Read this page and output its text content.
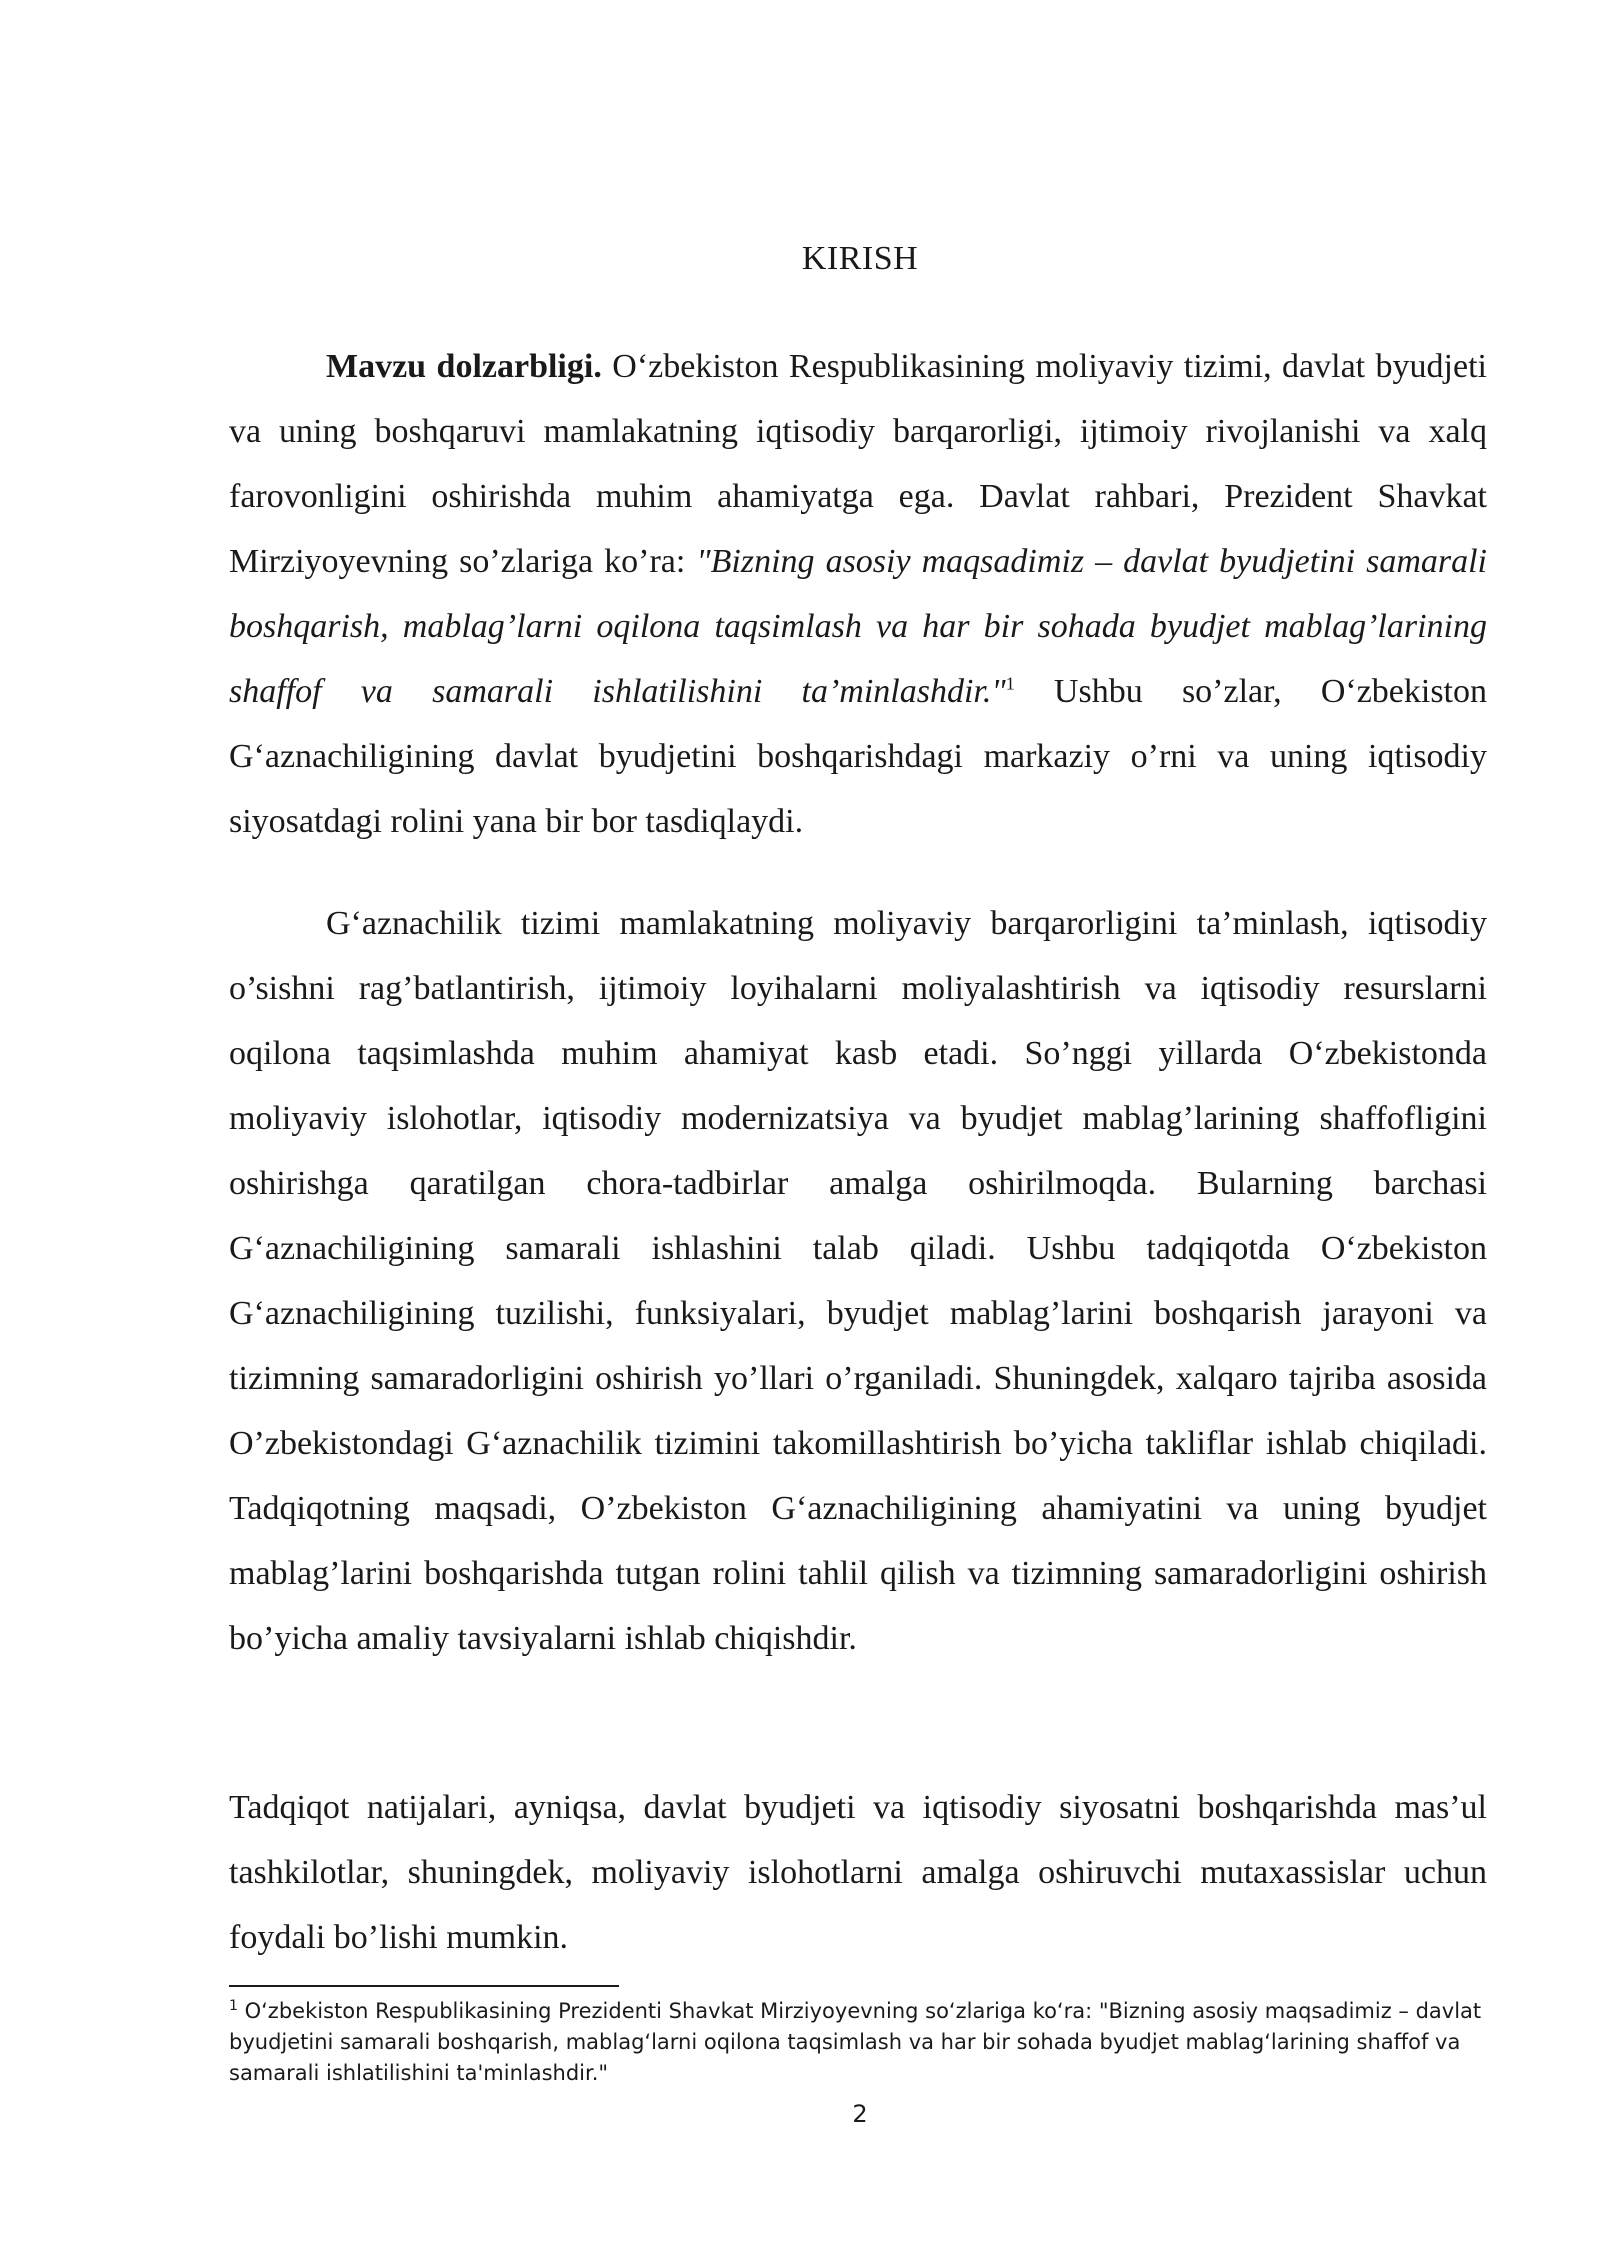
KIRISH

Mavzu dolzarbligi. O‘zbekiston Respublikasining moliyaviy tizimi, davlat byudjeti va uning boshqaruvi mamlakatning iqtisodiy barqarorligi, ijtimoiy rivojlanishi va xalq farovonligini oshirishda muhim ahamiyatga ega. Davlat rahbari, Prezident Shavkat Mirziyoyevning so’zlariga ko’ra: "Bizning asosiy maqsadimiz – davlat byudjetini samarali boshqarish, mablag’larni oqilona taqsimlash va har bir sohada byudjet mablag’larining shaffof va samarali ishlatilishini ta’minlashdir."$^1$ Ushbu so’zlar, O‘zbekiston G‘aznachiligining davlat byudjetini boshqarishdagi markaziy o’rni va uning iqtisodiy siyosatdagi rolini yana bir bor tasdiqlaydi.

G‘aznachilik tizimi mamlakatning moliyaviy barqarorligini ta’minlash, iqtisodiy o’sishni rag’batlantirish, ijtimoiy loyihalarni moliyalashtirish va iqtisodiy resurslarni oqilona taqsimlashda muhim ahamiyat kasb etadi. So’nggi yillarda O‘zbekistonda moliyaviy islohotlar, iqtisodiy modernizatsiya va byudjet mablag’larining shaffofligini oshirishga qaratilgan chora-tadbirlar amalga oshirilmoqda. Bularning barchasi G‘aznachiligining samarali ishlashini talab qiladi. Ushbu tadqiqotda O‘zbekiston G‘aznachiligining tuzilishi, funksiyalari, byudjet mablag’larini boshqarish jarayoni va tizimning samaradorligini oshirish yo’llari o’rganiladi. Shuningdek, xalqaro tajriba asosida O’zbekistondagi G‘aznachilik tizimini takomillashtirish bo’yicha takliflar ishlab chiqiladi. Tadqiqotning maqsadi, O’zbekiston G‘aznachiligining ahamiyatini va uning byudjet mablag’larini boshqarishda tutgan rolini tahlil qilish va tizimning samaradorligini oshirish bo’yicha amaliy tavsiyalarni ishlab chiqishdir.

Tadqiqot natijalari, ayniqsa, davlat byudjeti va iqtisodiy siyosatni boshqarishda mas’ul tashkilotlar, shuningdek, moliyaviy islohotlarni amalga oshiruvchi mutaxassislar uchun foydali bo’lishi mumkin.

$^1$ O‘zbekiston Respublikasining Prezidenti Shavkat Mirziyoyevning so‘zlariga ko‘ra: "Bizning asosiy maqsadimiz – davlat byudjetini samarali boshqarish, mablag‘larni oqilona taqsimlash va har bir sohada byudjet mablag‘larining shaffof va samarali ishlatilishini ta'minlashdir."
2
